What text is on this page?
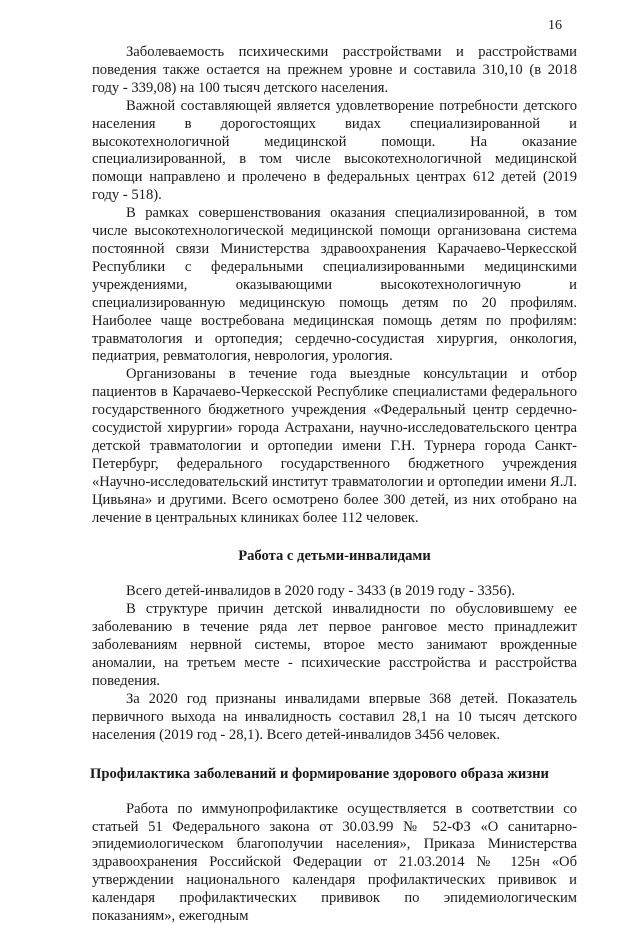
16

Заболеваемость психическими расстройствами и расстройствами поведения также остается на прежнем уровне и составила 310,10 (в 2018 году - 339,08) на 100 тысяч детского населения.

Важной составляющей является удовлетворение потребности детского населения в дорогостоящих видах специализированной и высокотехнологичной медицинской помощи. На оказание специализированной, в том числе высокотехнологичной медицинской помощи направлено и пролечено в федеральных центрах 612 детей (2019 году - 518).

В рамках совершенствования оказания специализированной, в том числе высокотехнологической медицинской помощи организована система постоянной связи Министерства здравоохранения Карачаево-Черкесской Республики с федеральными специализированными медицинскими учреждениями, оказывающими высокотехнологичную и специализированную медицинскую помощь детям по 20 профилям. Наиболее чаще востребована медицинская помощь детям по профилям: травматология и ортопедия; сердечно-сосудистая хирургия, онкология, педиатрия, ревматология, неврология, урология.

Организованы в течение года выездные консультации и отбор пациентов в Карачаево-Черкесской Республике специалистами федерального государственного бюджетного учреждения «Федеральный центр сердечно-сосудистой хирургии» города Астрахани, научно-исследовательского центра детской травматологии и ортопедии имени Г.Н. Турнера города Санкт-Петербург, федерального государственного бюджетного учреждения «Научно-исследовательский институт травматологии и ортопедии имени Я.Л. Цивьяна» и другими. Всего осмотрено более 300 детей, из них отобрано на лечение в центральных клиниках более 112 человек.

Работа с детьми-инвалидами

Всего детей-инвалидов в 2020 году - 3433 (в 2019 году - 3356).

В структуре причин детской инвалидности по обусловившему ее заболеванию в течение ряда лет первое ранговое место принадлежит заболеваниям нервной системы, второе место занимают врожденные аномалии, на третьем месте - психические расстройства и расстройства поведения.

За 2020 год признаны инвалидами впервые 368 детей. Показатель первичного выхода на инвалидность составил 28,1 на 10 тысяч детского населения (2019 год - 28,1). Всего детей-инвалидов 3456 человек.

Профилактика заболеваний и формирование здорового образа жизни

Работа по иммунопрофилактике осуществляется в соответствии со статьей 51 Федерального закона от 30.03.99 № 52-ФЗ «О санитарно-эпидемиологическом благополучии населения», Приказа Министерства здравоохранения Российской Федерации от 21.03.2014 № 125н «Об утверждении национального календаря профилактических прививок и календаря профилактических прививок по эпидемиологическим показаниям», ежегодным
